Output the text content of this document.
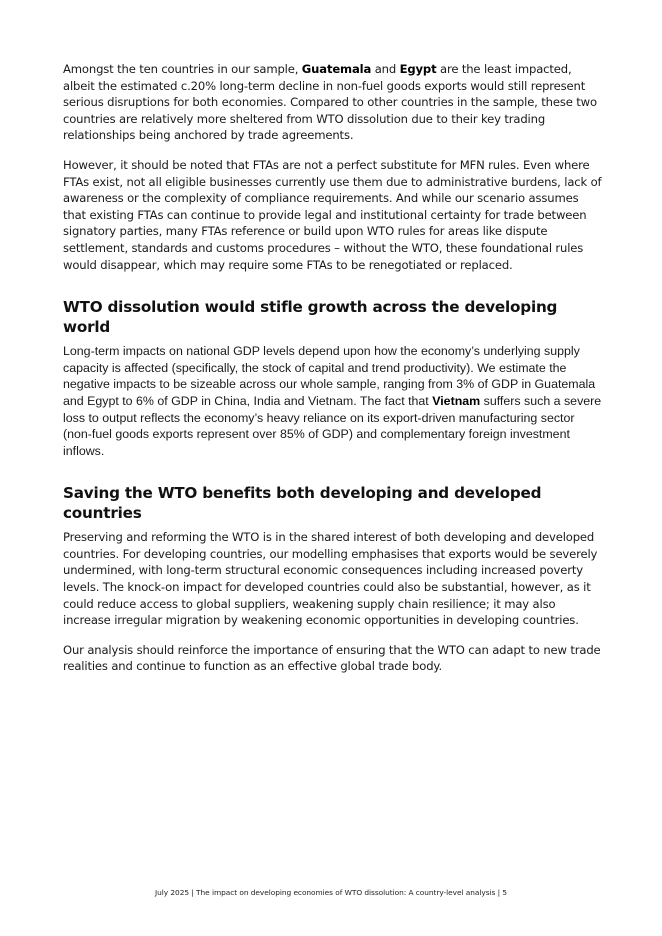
Amongst the ten countries in our sample, Guatemala and Egypt are the least impacted, albeit the estimated c.20% long-term decline in non-fuel goods exports would still represent serious disruptions for both economies. Compared to other countries in the sample, these two countries are relatively more sheltered from WTO dissolution due to their key trading relationships being anchored by trade agreements.

However, it should be noted that FTAs are not a perfect substitute for MFN rules. Even where FTAs exist, not all eligible businesses currently use them due to administrative burdens, lack of awareness or the complexity of compliance requirements. And while our scenario assumes that existing FTAs can continue to provide legal and institutional certainty for trade between signatory parties, many FTAs reference or build upon WTO rules for areas like dispute settlement, standards and customs procedures – without the WTO, these foundational rules would disappear, which may require some FTAs to be renegotiated or replaced.

WTO dissolution would stifle growth across the developing world

Long-term impacts on national GDP levels depend upon how the economy’s underlying supply capacity is affected (specifically, the stock of capital and trend productivity). We estimate the negative impacts to be sizeable across our whole sample, ranging from 3% of GDP in Guatemala and Egypt to 6% of GDP in China, India and Vietnam. The fact that Vietnam suffers such a severe loss to output reflects the economy’s heavy reliance on its export-driven manufacturing sector (non-fuel goods exports represent over 85% of GDP) and complementary foreign investment inflows.

Saving the WTO benefits both developing and developed countries

Preserving and reforming the WTO is in the shared interest of both developing and developed countries. For developing countries, our modelling emphasises that exports would be severely undermined, with long-term structural economic consequences including increased poverty levels. The knock-on impact for developed countries could also be substantial, however, as it could reduce access to global suppliers, weakening supply chain resilience; it may also increase irregular migration by weakening economic opportunities in developing countries.

Our analysis should reinforce the importance of ensuring that the WTO can adapt to new trade realities and continue to function as an effective global trade body.

July 2025 | The impact on developing economies of WTO dissolution: A country-level analysis | 5
